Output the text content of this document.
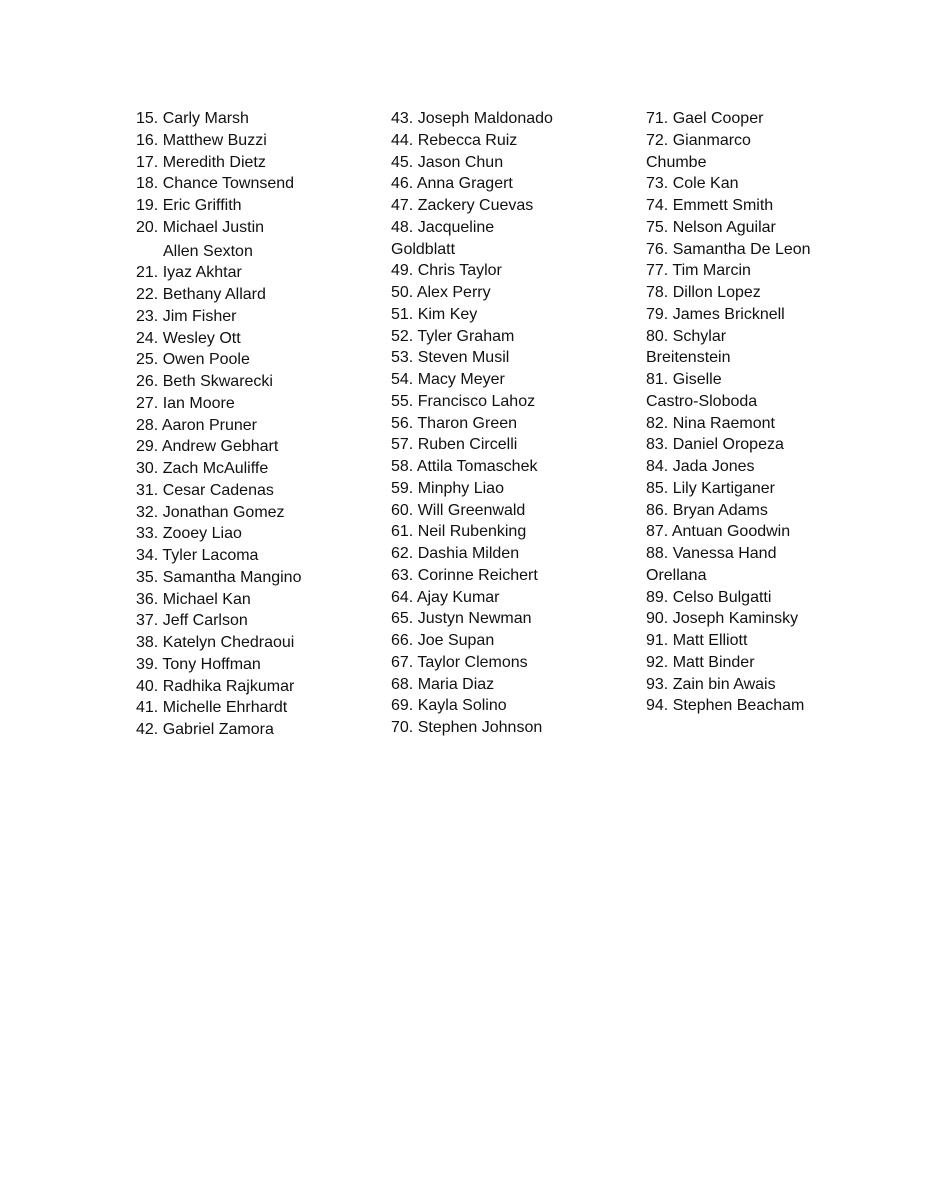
15. Carly Marsh
16. Matthew Buzzi
17. Meredith Dietz
18. Chance Townsend
19. Eric Griffith
20. Michael Justin
Allen Sexton
21. Iyaz Akhtar
22. Bethany Allard
23. Jim Fisher
24. Wesley Ott
25. Owen Poole
26. Beth Skwarecki
27. Ian Moore
28. Aaron Pruner
29. Andrew Gebhart
30. Zach McAuliffe
31. Cesar Cadenas
32. Jonathan Gomez
33. Zooey Liao
34. Tyler Lacoma
35. Samantha Mangino
36. Michael Kan
37. Jeff Carlson
38. Katelyn Chedraoui
39. Tony Hoffman
40. Radhika Rajkumar
41. Michelle Ehrhardt
42. Gabriel Zamora
43. Joseph Maldonado
44. Rebecca Ruiz
45. Jason Chun
46. Anna Gragert
47. Zackery Cuevas
48. Jacqueline
Goldblatt
49. Chris Taylor
50. Alex Perry
51. Kim Key
52. Tyler Graham
53. Steven Musil
54. Macy Meyer
55. Francisco Lahoz
56. Tharon Green
57. Ruben Circelli
58. Attila Tomaschek
59. Minphy Liao
60. Will Greenwald
61. Neil Rubenking
62. Dashia Milden
63. Corinne Reichert
64. Ajay Kumar
65. Justyn Newman
66. Joe Supan
67. Taylor Clemons
68. Maria Diaz
69. Kayla Solino
70. Stephen Johnson
71. Gael Cooper
72. Gianmarco
Chumbe
73. Cole Kan
74. Emmett Smith
75. Nelson Aguilar
76. Samantha De Leon
77. Tim Marcin
78. Dillon Lopez
79. James Bricknell
80. Schylar
Breitenstein
81. Giselle
Castro-Sloboda
82. Nina Raemont
83. Daniel Oropeza
84. Jada Jones
85. Lily Kartiganer
86. Bryan Adams
87. Antuan Goodwin
88. Vanessa Hand
Orellana
89. Celso Bulgatti
90. Joseph Kaminsky
91. Matt Elliott
92. Matt Binder
93. Zain bin Awais
94. Stephen Beacham
